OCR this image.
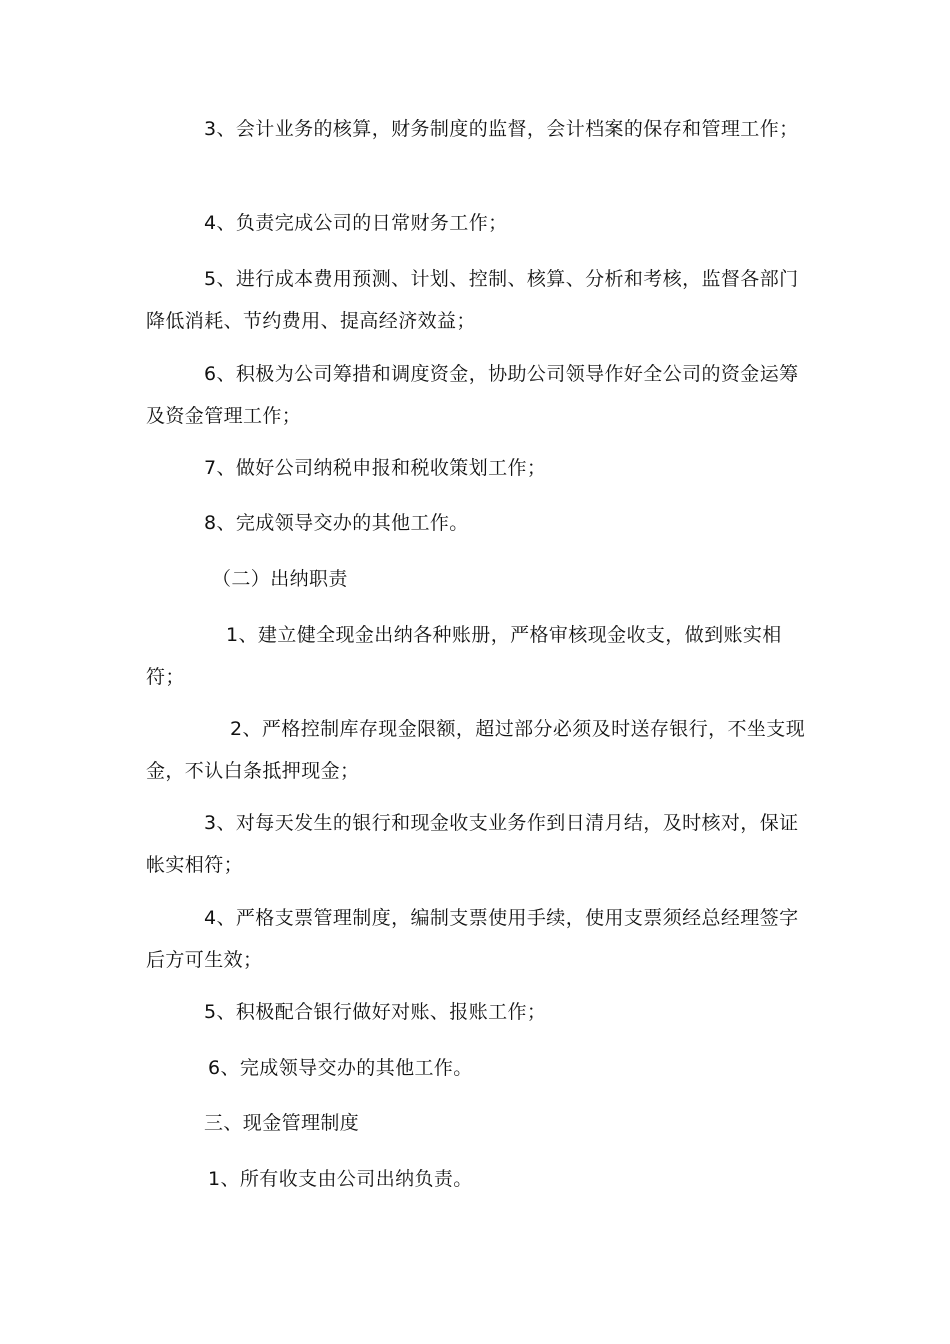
3、会计业务的核算，财务制度的监督，会计档案的保存和管理工作；

4、负责完成公司的日常财务工作；

5、进行成本费用预测、计划、控制、核算、分析和考核，监督各部门降低消耗、节约费用、提高经济效益；

6、积极为公司筹措和调度资金，协助公司领导作好全公司的资金运筹及资金管理工作；

7、做好公司纳税申报和税收策划工作；

8、完成领导交办的其他工作。

（二）出纳职责

1、建立健全现金出纳各种账册，严格审核现金收支，做到账实相符；

2、严格控制库存现金限额，超过部分必须及时送存银行，不坐支现金，不认白条抵押现金；

3、对每天发生的银行和现金收支业务作到日清月结，及时核对，保证帐实相符；

4、严格支票管理制度，编制支票使用手续，使用支票须经总经理签字后方可生效；

5、积极配合银行做好对账、报账工作；

6、完成领导交办的其他工作。

三、现金管理制度

1、所有收支由公司出纳负责。
